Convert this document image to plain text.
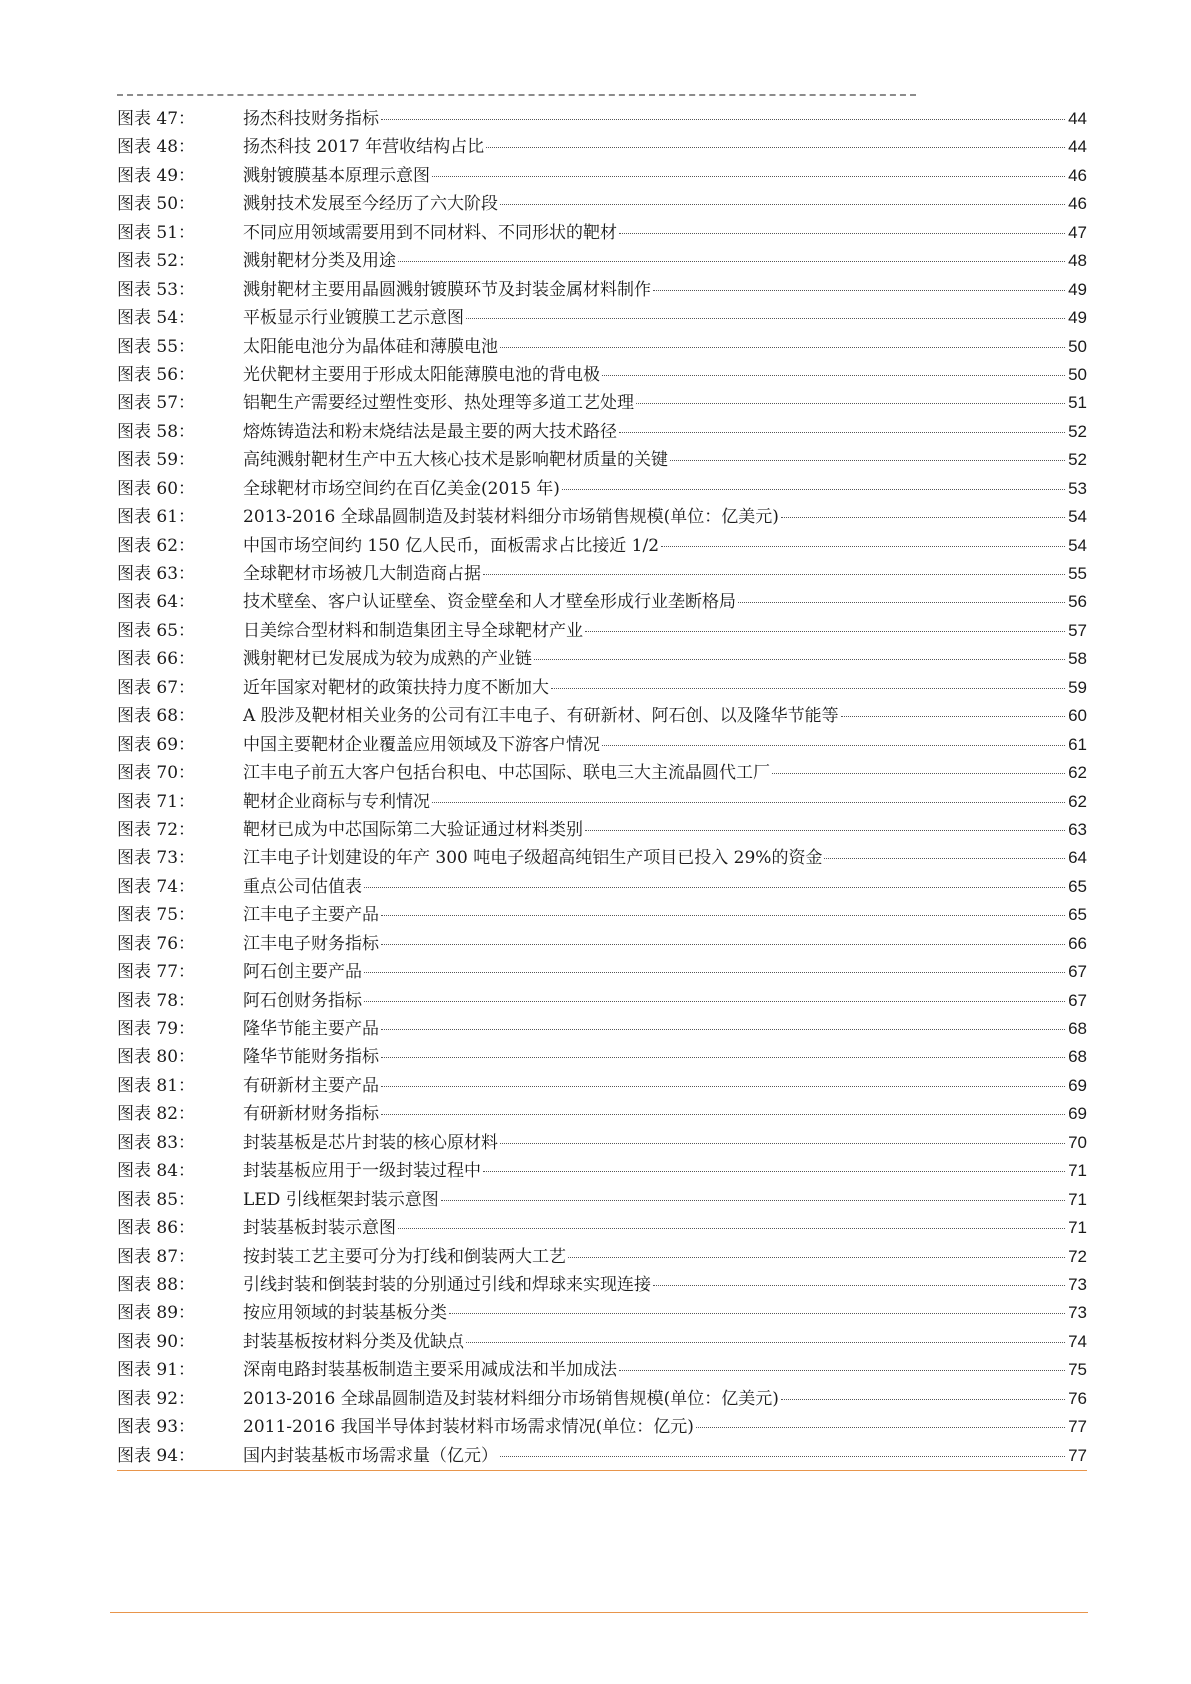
图表 47：	扬杰科技财务指标	44
图表 48：	扬杰科技 2017 年营收结构占比	44
图表 49：	溅射镀膜基本原理示意图	46
图表 50：	溅射技术发展至今经历了六大阶段	46
图表 51：	不同应用领域需要用到不同材料、不同形状的靶材	47
图表 52：	溅射靶材分类及用途	48
图表 53：	溅射靶材主要用晶圆溅射镀膜环节及封装金属材料制作	49
图表 54：	平板显示行业镀膜工艺示意图	49
图表 55：	太阳能电池分为晶体硅和薄膜电池	50
图表 56：	光伏靶材主要用于形成太阳能薄膜电池的背电极	50
图表 57：	铝靶生产需要经过塑性变形、热处理等多道工艺处理	51
图表 58：	熔炼铸造法和粉末烧结法是最主要的两大技术路径	52
图表 59：	高纯溅射靶材生产中五大核心技术是影响靶材质量的关键	52
图表 60：	全球靶材市场空间约在百亿美金(2015 年)	53
图表 61：	2013-2016 全球晶圆制造及封装材料细分市场销售规模(单位：亿美元)	54
图表 62：	中国市场空间约 150 亿人民币，面板需求占比接近 1/2	54
图表 63：	全球靶材市场被几大制造商占据	55
图表 64：	技术壁垒、客户认证壁垒、资金壁垒和人才壁垒形成行业垄断格局	56
图表 65：	日美综合型材料和制造集团主导全球靶材产业	57
图表 66：	溅射靶材已发展成为较为成熟的产业链	58
图表 67：	近年国家对靶材的政策扶持力度不断加大	59
图表 68：	A 股涉及靶材相关业务的公司有江丰电子、有研新材、阿石创、以及隆华节能等	60
图表 69：	中国主要靶材企业覆盖应用领域及下游客户情况	61
图表 70：	江丰电子前五大客户包括台积电、中芯国际、联电三大主流晶圆代工厂	62
图表 71：	靶材企业商标与专利情况	62
图表 72：	靶材已成为中芯国际第二大验证通过材料类别	63
图表 73：	江丰电子计划建设的年产 300 吨电子级超高纯铝生产项目已投入 29%的资金	64
图表 74：	重点公司估值表	65
图表 75：	江丰电子主要产品	65
图表 76：	江丰电子财务指标	66
图表 77：	阿石创主要产品	67
图表 78：	阿石创财务指标	67
图表 79：	隆华节能主要产品	68
图表 80：	隆华节能财务指标	68
图表 81：	有研新材主要产品	69
图表 82：	有研新材财务指标	69
图表 83：	封装基板是芯片封装的核心原材料	70
图表 84：	封装基板应用于一级封装过程中	71
图表 85：	LED 引线框架封装示意图	71
图表 86：	封装基板封装示意图	71
图表 87：	按封装工艺主要可分为打线和倒装两大工艺	72
图表 88：	引线封装和倒装封装的分别通过引线和焊球来实现连接	73
图表 89：	按应用领域的封装基板分类	73
图表 90：	封装基板按材料分类及优缺点	74
图表 91：	深南电路封装基板制造主要采用减成法和半加成法	75
图表 92：	2013-2016 全球晶圆制造及封装材料细分市场销售规模(单位：亿美元)	76
图表 93：	2011-2016 我国半导体封装材料市场需求情况(单位：亿元)	77
图表 94：	国内封装基板市场需求量（亿元）	77
